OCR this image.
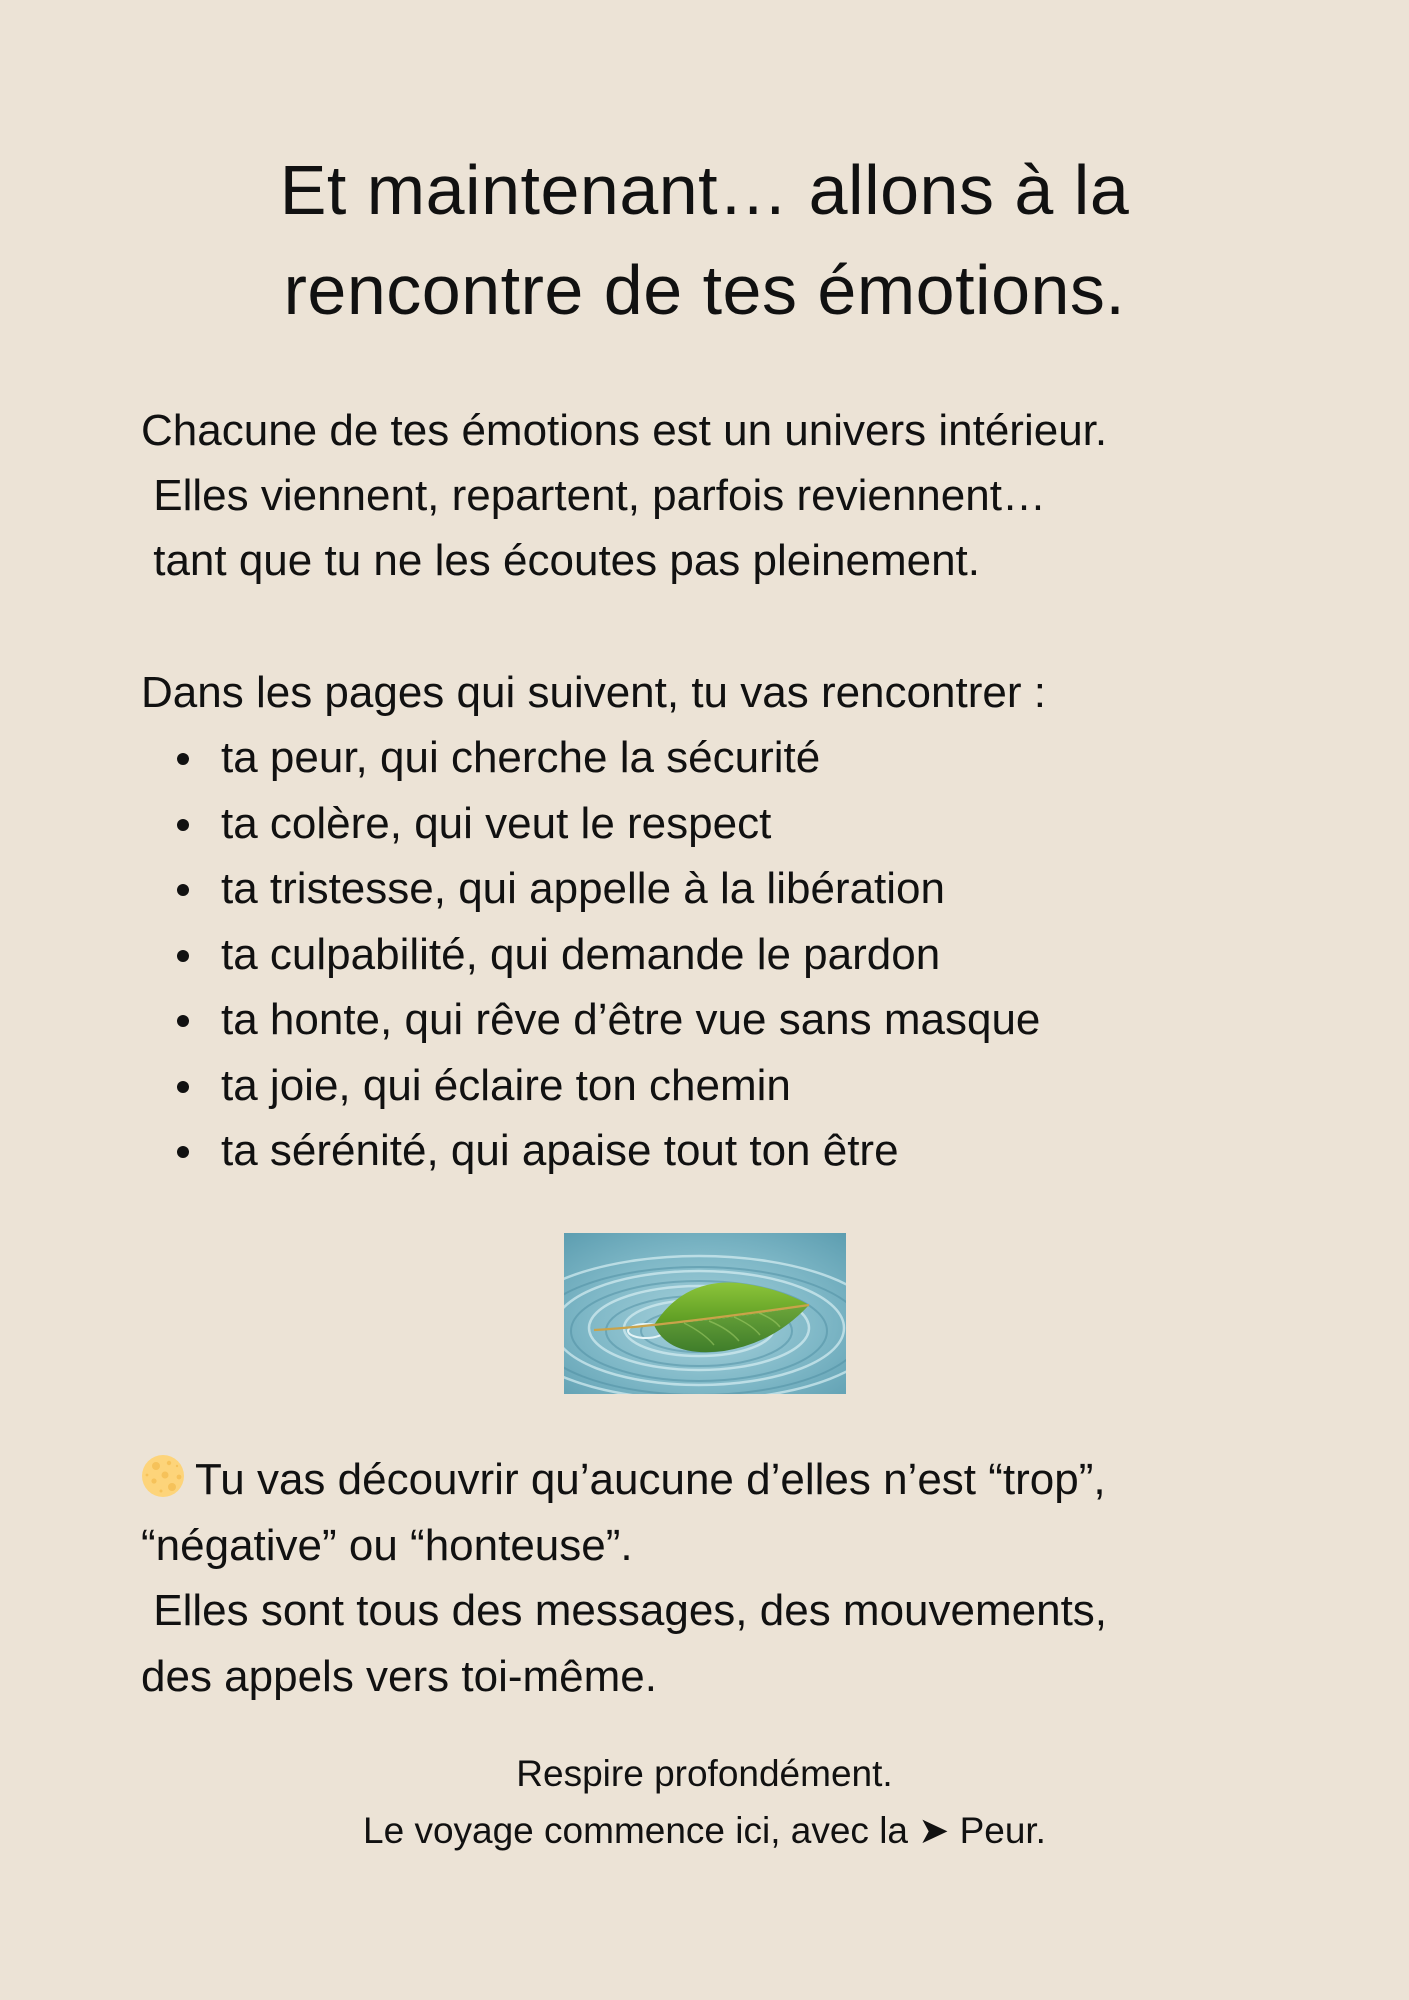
Et maintenant… allons à la
rencontre de tes émotions.
Chacune de tes émotions est un univers intérieur.
Elles viennent, repartent, parfois reviennent…
tant que tu ne les écoutes pas pleinement.
Dans les pages qui suivent, tu vas rencontrer :
ta peur, qui cherche la sécurité
ta colère, qui veut le respect
ta tristesse, qui appelle à la libération
ta culpabilité, qui demande le pardon
ta honte, qui rêve d’être vue sans masque
ta joie, qui éclaire ton chemin
ta sérénité, qui apaise tout ton être
Tu vas découvrir qu’aucune d’elles n’est “trop”,
“négative” ou “honteuse”.
Elles sont tous des messages, des mouvements,
des appels vers toi-même.
Respire profondément.
Le voyage commence ici, avec la ➤ Peur.
